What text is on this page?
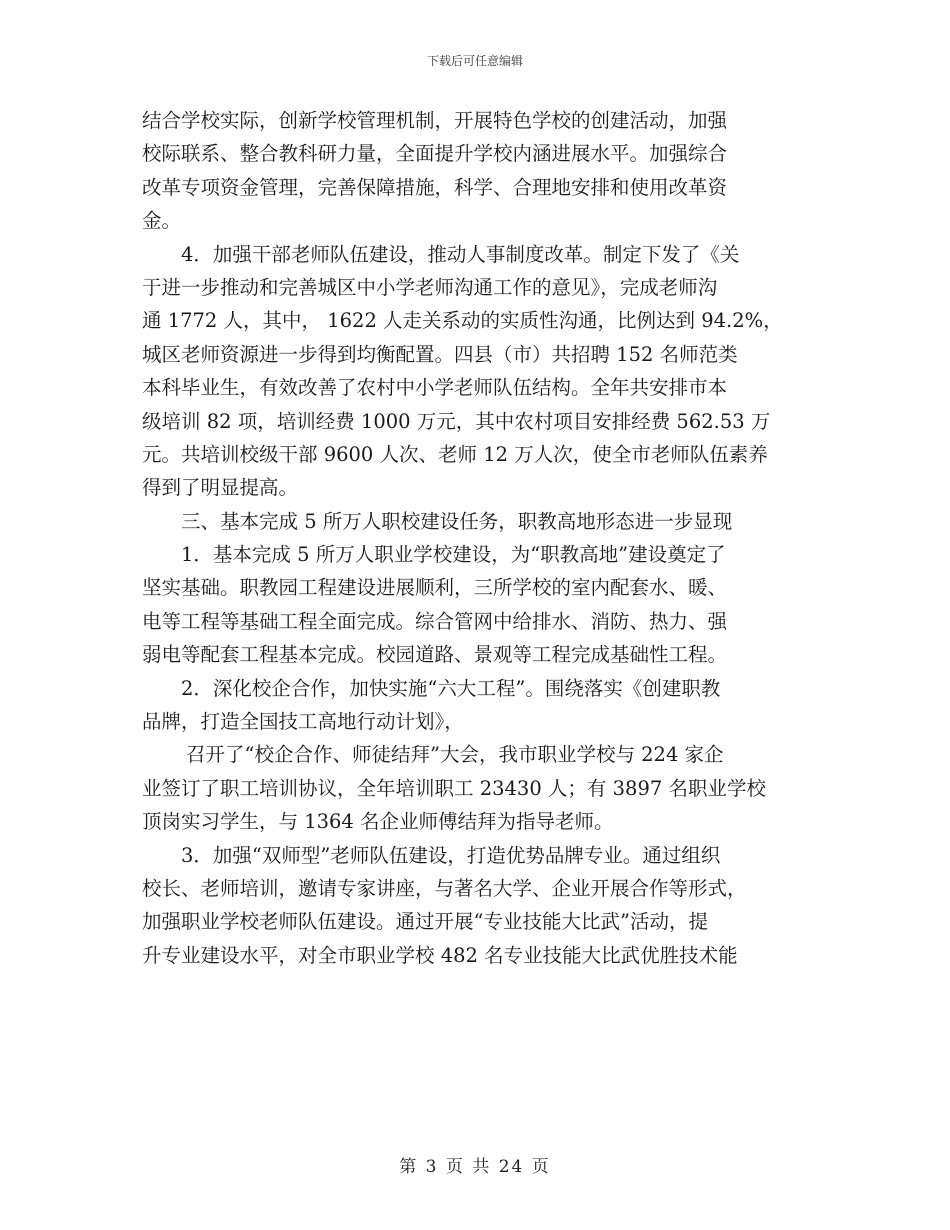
下载后可任意编辑
结合学校实际，创新学校管理机制，开展特色学校的创建活动，加强
校际联系、整合教科研力量，全面提升学校内涵进展水平。加强综合
改革专项资金管理，完善保障措施，科学、合理地安排和使用改革资
金。
4．加强干部老师队伍建设，推动人事制度改革。制定下发了《关
于进一步推动和完善城区中小学老师沟通工作的意见》，完成老师沟
通 1772 人，其中， 1622 人走关系动的实质性沟通，比例达到 94.2%，
城区老师资源进一步得到均衡配置。四县（市）共招聘 152 名师范类
本科毕业生，有效改善了农村中小学老师队伍结构。全年共安排市本
级培训 82 项，培训经费 1000 万元，其中农村项目安排经费 562.53 万
元。共培训校级干部 9600 人次、老师 12 万人次，使全市老师队伍素养
得到了明显提高。
三、基本完成 5 所万人职校建设任务，职教高地形态进一步显现
1．基本完成 5 所万人职业学校建设，为“职教高地”建设奠定了
坚实基础。职教园工程建设进展顺利，三所学校的室内配套水、暖、
电等工程等基础工程全面完成。综合管网中给排水、消防、热力、强
弱电等配套工程基本完成。校园道路、景观等工程完成基础性工程。
2．深化校企合作，加快实施“六大工程”。围绕落实《创建职教
品牌，打造全国技工高地行动计划》，
召开了“校企合作、师徒结拜”大会，我市职业学校与 224 家企
业签订了职工培训协议，全年培训职工 23430 人；有 3897 名职业学校
顶岗实习学生，与 1364 名企业师傅结拜为指导老师。
3．加强“双师型”老师队伍建设，打造优势品牌专业。通过组织
校长、老师培训，邀请专家讲座，与著名大学、企业开展合作等形式，
加强职业学校老师队伍建设。通过开展“专业技能大比武”活动，提
升专业建设水平，对全市职业学校 482 名专业技能大比武优胜技术能
第 3 页 共 24 页
